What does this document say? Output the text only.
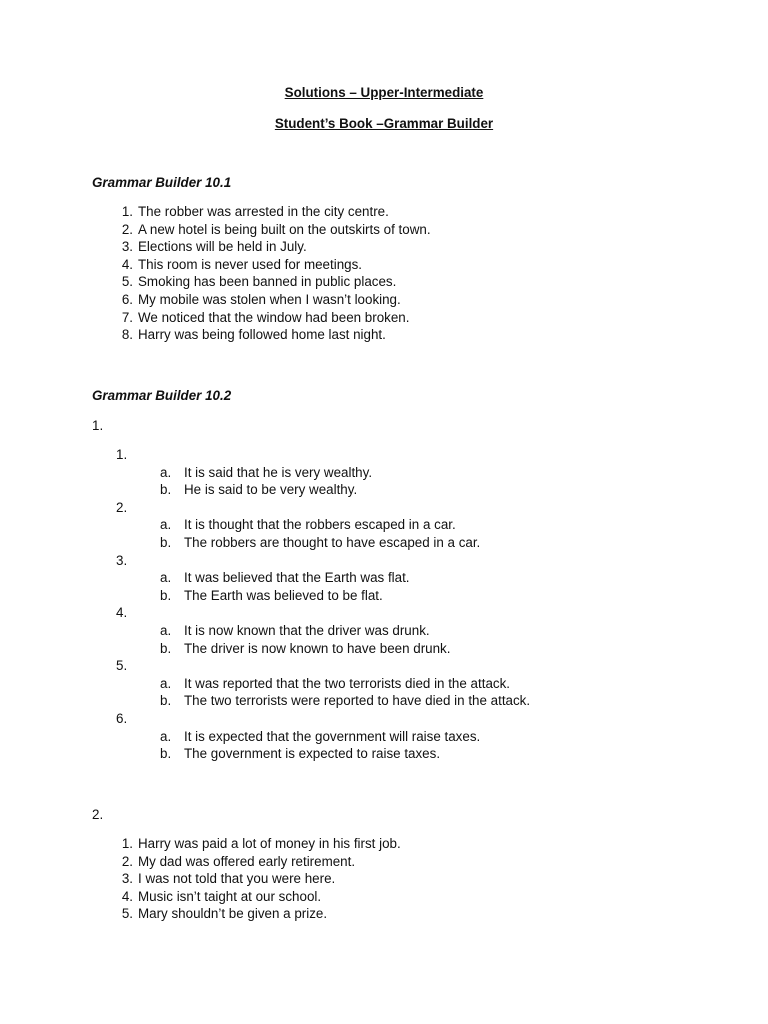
Solutions – Upper-Intermediate
Student’s Book –Grammar Builder
Grammar Builder 10.1
1. The robber was arrested in the city centre.
2. A new hotel is being built on the outskirts of town.
3. Elections will be held in July.
4. This room is never used for meetings.
5. Smoking has been banned in public places.
6. My mobile was stolen when I wasn’t looking.
7. We noticed that the window had been broken.
8. Harry was being followed home last night.
Grammar Builder 10.2
1.
1.
a. It is said that he is very wealthy.
b. He is said to be very wealthy.
2.
a. It is thought that the robbers escaped in a car.
b. The robbers are thought to have escaped in a car.
3.
a. It was believed that the Earth was flat.
b. The Earth was believed to be flat.
4.
a. It is now known that the driver was drunk.
b. The driver is now known to have been drunk.
5.
a. It was reported that the two terrorists died in the attack.
b. The two terrorists were reported to have died in the attack.
6.
a. It is expected that the government will raise taxes.
b. The government is expected to raise taxes.
2.
1. Harry was paid a lot of money in his first job.
2. My dad was offered early retirement.
3. I was not told that you were here.
4. Music isn’t taight at our school.
5. Mary shouldn’t be given a prize.
